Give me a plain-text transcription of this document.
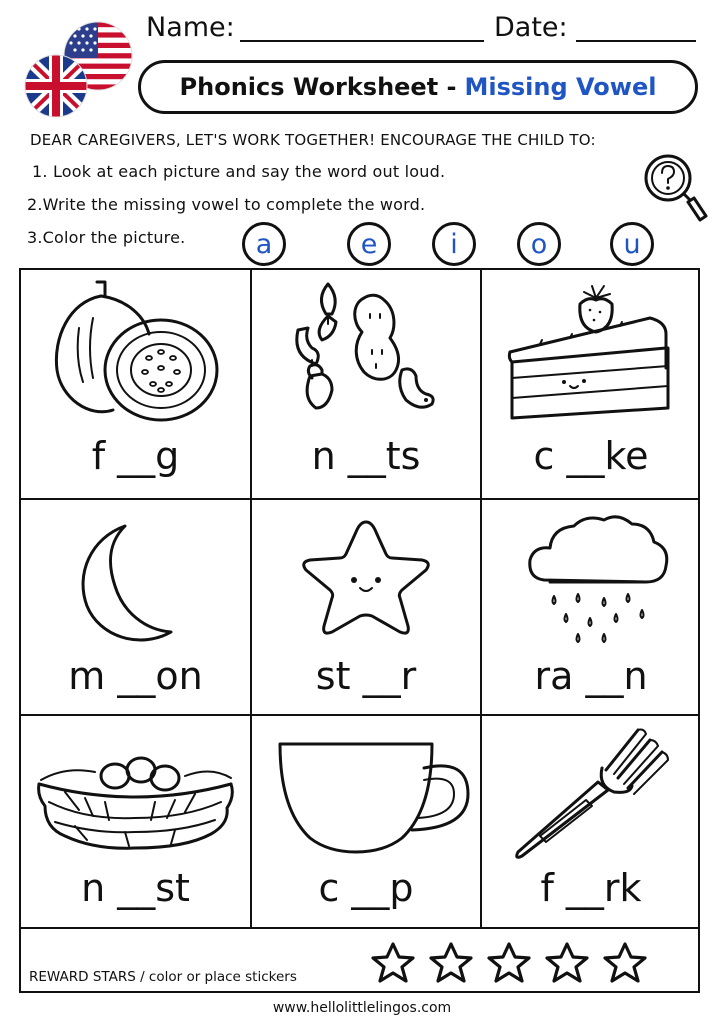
Name:	Date:
Phonics Worksheet - Missing Vowel
DEAR CAREGIVERS, LET'S WORK TOGETHER! ENCOURAGE THE CHILD TO:
1. Look at each picture and say the word out loud.
2.Write the missing vowel to complete the word.
3.Color the picture.	a	e	i	o	u
f __g	n __ts	c __ke
m __on	st __r	ra __n
n __st	c __p	f __rk
REWARD STARS / color or place stickers
www.hellolittlelingos.com
